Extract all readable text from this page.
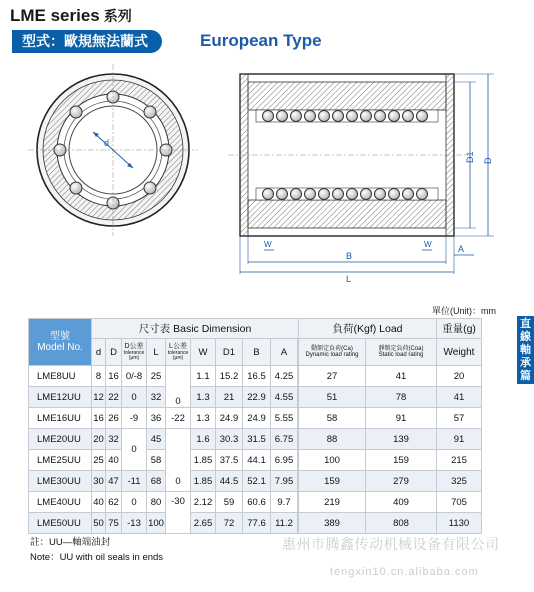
LME series 系列
型式：歐規無法蘭式	European Type
d
D1 D
W	W
B
L
A
單位(Unit)：mm
型號
Model No.	尺寸表 Basic Dimension									負荷(Kgf) Load		重量(g)
	d	D	D公差
tolerance
(μm)	L	L公差
tolerance
(μm)	W	D1	B	A		動額定負荷(Ca)
Dynamic load rating	靜額定負荷(Coa)
Static load rating	Weight
LME8UU	8	16	0/-8	25	0	1.1	15.2	16.5	4.25		27	41	20
LME12UU	12	22	0	32		1.3	21	22.9	4.55		51	78	41
LME16UU	16	26	-9	36	-22	1.3	24.9	24.9	5.55		58	91	57
LME20UU	20	32	0	45	0	1.6	30.3	31.5	6.75		88	139	91
LME25UU	25	40		58		1.85	37.5	44.1	6.95		100	159	215
LME30UU	30	47	-11	68		1.85	44.5	52.1	7.95		159	279	325
LME40UU	40	62	0	80	-30	2.12	59	60.6	9.7		219	409	705
LME50UU	50	75	-13	100		2.65	72	77.6	11.2		389	808	1130
直
線
軸
承
篇
註：UU—軸端油封
Note：UU with oil seals in ends
惠州市腾鑫传动机械设备有限公司
tengxin10.cn.alibaba.com
